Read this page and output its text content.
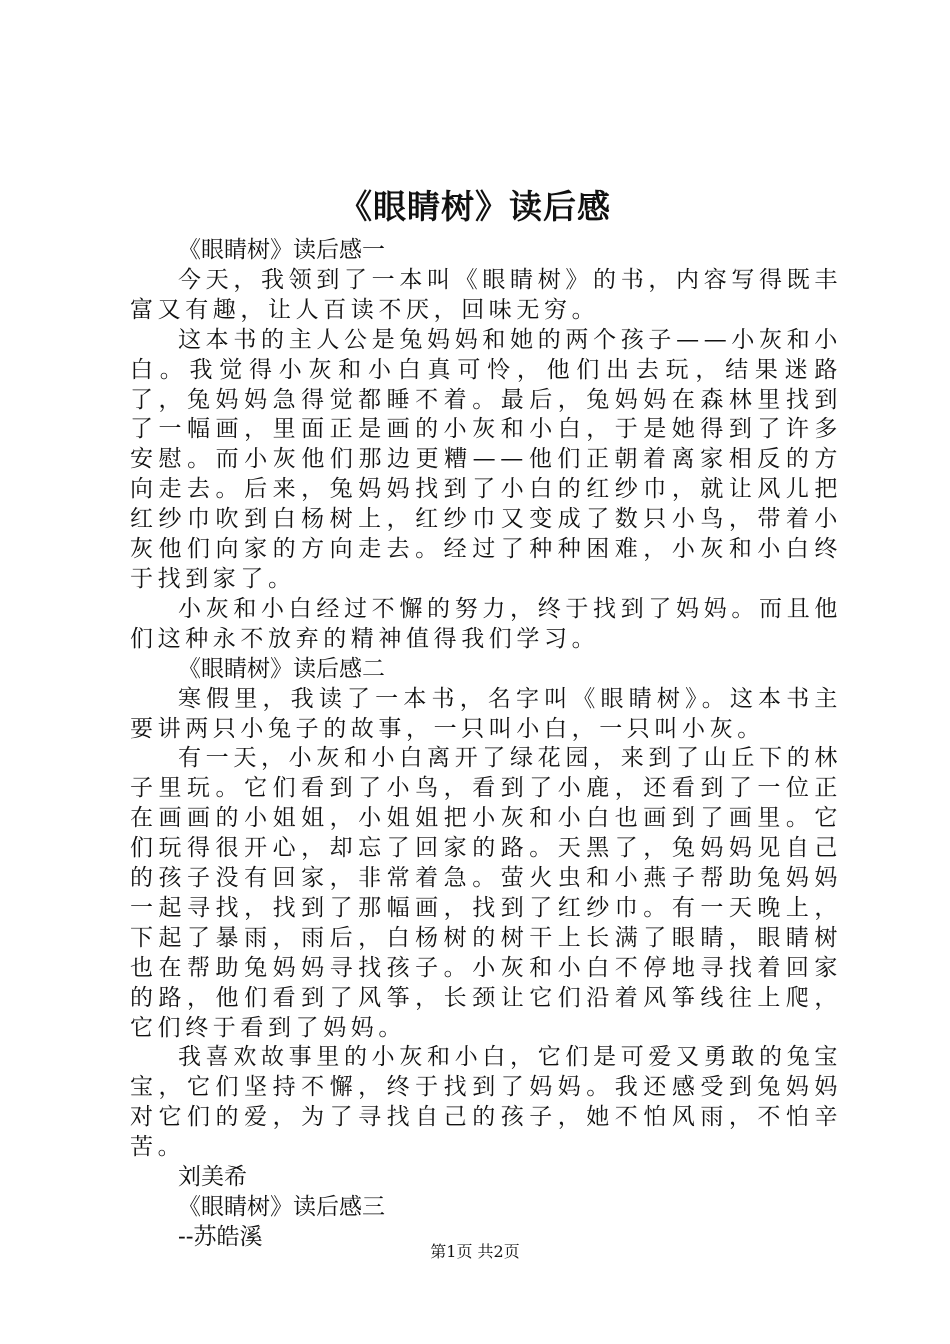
《眼睛树》读后感

《眼睛树》读后感一

今天，我领到了一本叫《眼睛树》的书，内容写得既丰富又有趣，让人百读不厌，回味无穷。

这本书的主人公是兔妈妈和她的两个孩子——小灰和小白。我觉得小灰和小白真可怜，他们出去玩，结果迷路了，兔妈妈急得觉都睡不着。最后，兔妈妈在森林里找到了一幅画，里面正是画的小灰和小白，于是她得到了许多安慰。而小灰他们那边更糟——他们正朝着离家相反的方向走去。后来，兔妈妈找到了小白的红纱巾，就让风儿把红纱巾吹到白杨树上，红纱巾又变成了数只小鸟，带着小灰他们向家的方向走去。经过了种种困难，小灰和小白终于找到家了。

小灰和小白经过不懈的努力，终于找到了妈妈。而且他们这种永不放弃的精神值得我们学习。

《眼睛树》读后感二

寒假里，我读了一本书，名字叫《眼睛树》。这本书主要讲两只小兔子的故事，一只叫小白，一只叫小灰。

有一天，小灰和小白离开了绿花园，来到了山丘下的林子里玩。它们看到了小鸟，看到了小鹿，还看到了一位正在画画的小姐姐，小姐姐把小灰和小白也画到了画里。它们玩得很开心，却忘了回家的路。天黑了，兔妈妈见自己的孩子没有回家，非常着急。萤火虫和小燕子帮助兔妈妈一起寻找，找到了那幅画，找到了红纱巾。有一天晚上，下起了暴雨，雨后，白杨树的树干上长满了眼睛，眼睛树也在帮助兔妈妈寻找孩子。小灰和小白不停地寻找着回家的路，他们看到了风筝，长颈让它们沿着风筝线往上爬，它们终于看到了妈妈。

我喜欢故事里的小灰和小白，它们是可爱又勇敢的兔宝宝，它们坚持不懈，终于找到了妈妈。我还感受到兔妈妈对它们的爱，为了寻找自己的孩子，她不怕风雨，不怕辛苦。

刘美希

《眼睛树》读后感三

--苏皓溪

第1页 共2页
